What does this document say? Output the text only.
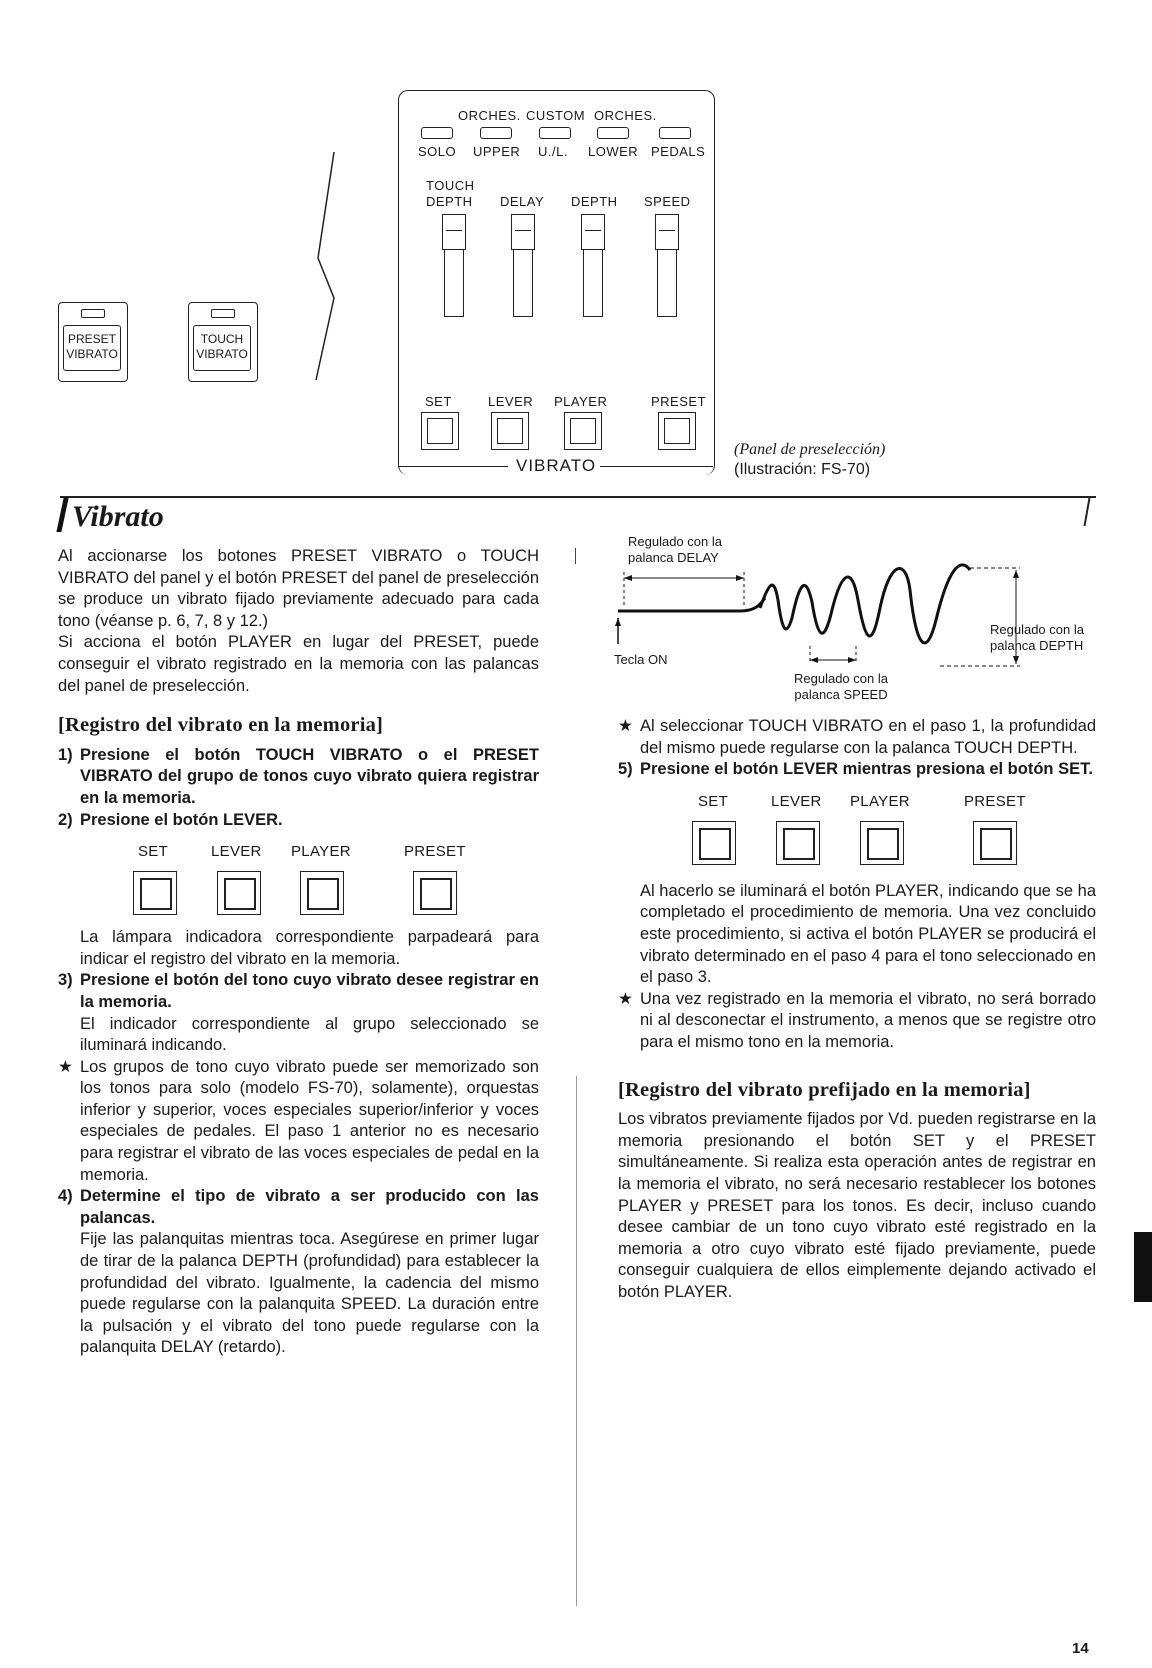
ORCHES. CUSTOM ORCHES.
SOLO UPPER U./L. LOWER PEDALS
TOUCH
DEPTH DELAY DEPTH SPEED
SET	LEVER PLAYER	PRESET
VIBRATO
PRESET
VIBRATO
TOUCH
VIBRATO
(Panel de preselección)
(Ilustración: FS-70)
Vibrato

Al accionarse los botones PRESET VIBRATO o TOUCH VIBRATO del panel y el botón PRESET del panel de preselección se produce un vibrato fijado previamente adecuado para cada tono (véanse p. 6, 7, 8 y 12.)

Si acciona el botón PLAYER en lugar del PRESET, puede conseguir el vibrato registrado en la memoria con las palancas del panel de preselección.

[Registro del vibrato en la memoria]
1) Presione el botón TOUCH VIBRATO o el PRESET VIBRATO del grupo de tonos cuyo vibrato quiera registrar en la memoria.
2) Presione el botón LEVER.
SET	LEVER PLAYER	PRESET

La lámpara indicadora correspondiente parpadeará para indicar el registro del vibrato en la memoria.

3) Presione el botón del tono cuyo vibrato desee registrar en la memoria.

El indicador correspondiente al grupo seleccionado se iluminará indicando.

★ Los grupos de tono cuyo vibrato puede ser memorizado son los tonos para solo (modelo FS-70), solamente), orquestas inferior y superior, voces especiales superior/inferior y voces especiales de pedales. El paso 1 anterior no es necesario para registrar el vibrato de las voces especiales de pedal en la memoria.
4) Determine el tipo de vibrato a ser producido con las palancas.

Fije las palanquitas mientras toca. Asegúrese en primer lugar de tirar de la palanca DEPTH (profundidad) para establecer la profundidad del vibrato. Igualmente, la cadencia del mismo puede regularse con la palanquita SPEED. La duración entre la pulsación y el vibrato del tono puede regularse con la palanquita DELAY (retardo).

Regulado con la
palanca DELAY
Regulado con la
palanca DEPTH
Tecla ON
Regulado con la
palanca SPEED
★ Al seleccionar TOUCH VIBRATO en el paso 1, la profundidad del mismo puede regularse con la palanca TOUCH DEPTH.
5) Presione el botón LEVER mientras presiona el botón SET.
SET	LEVER PLAYER	PRESET

Al hacerlo se iluminará el botón PLAYER, indicando que se ha completado el procedimiento de memoria. Una vez concluido este procedimiento, si activa el botón PLAYER se producirá el vibrato determinado en el paso 4 para el tono seleccionado en el paso 3.

★ Una vez registrado en la memoria el vibrato, no será borrado ni al desconectar el instrumento, a menos que se registre otro para el mismo tono en la memoria.
[Registro del vibrato prefijado en la memoria]

Los vibratos previamente fijados por Vd. pueden registrarse en la memoria presionando el botón SET y el PRESET simultáneamente. Si realiza esta operación antes de registrar en la memoria el vibrato, no será necesario restablecer los botones PLAYER y PRESET para los tonos. Es decir, incluso cuando desee cambiar de un tono cuyo vibrato esté registrado en la memoria a otro cuyo vibrato esté fijado previamente, puede conseguir cualquiera de ellos eimplemente dejando activado el botón PLAYER.

14
